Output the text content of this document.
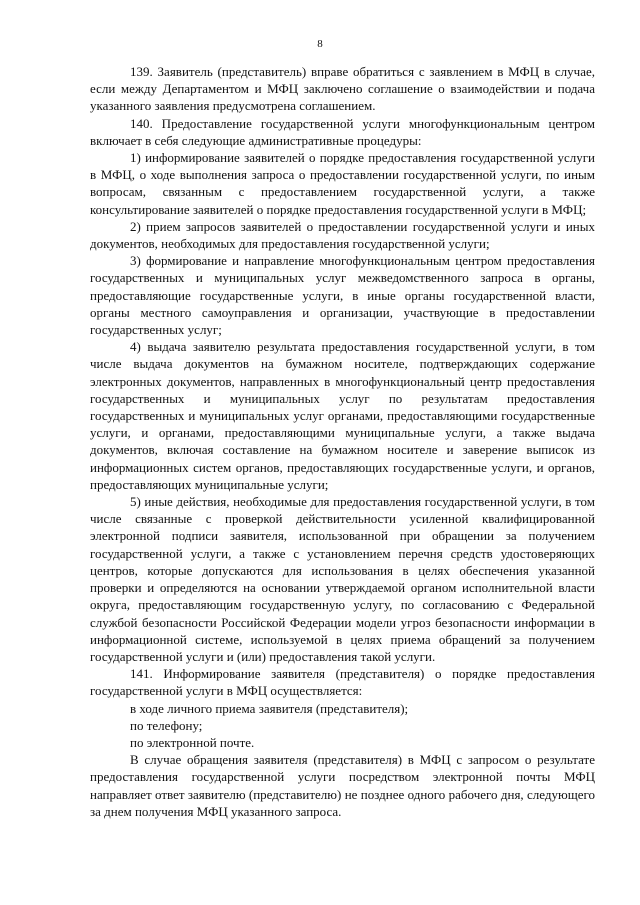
8

139. Заявитель (представитель) вправе обратиться с заявлением в МФЦ в случае, если между Департаментом и МФЦ заключено соглашение о взаимодействии и подача указанного заявления предусмотрена соглашением.

140. Предоставление государственной услуги многофункциональным центром включает в себя следующие административные процедуры:

1) информирование заявителей о порядке предоставления государственной услуги в МФЦ, о ходе выполнения запроса о предоставлении государственной услуги, по иным вопросам, связанным с предоставлением государственной услуги, а также консультирование заявителей о порядке предоставления государственной услуги в МФЦ;

2) прием запросов заявителей о предоставлении государственной услуги и иных документов, необходимых для предоставления государственной услуги;

3) формирование и направление многофункциональным центром предоставления государственных и муниципальных услуг межведомственного запроса в органы, предоставляющие государственные услуги, в иные органы государственной власти, органы местного самоуправления и организации, участвующие в предоставлении государственных услуг;

4) выдача заявителю результата предоставления государственной услуги, в том числе выдача документов на бумажном носителе, подтверждающих содержание электронных документов, направленных в многофункциональный центр предоставления государственных и муниципальных услуг по результатам предоставления государственных и муниципальных услуг органами, предоставляющими государственные услуги, и органами, предоставляющими муниципальные услуги, а также выдача документов, включая составление на бумажном носителе и заверение выписок из информационных систем органов, предоставляющих государственные услуги, и органов, предоставляющих муниципальные услуги;

5) иные действия, необходимые для предоставления государственной услуги, в том числе связанные с проверкой действительности усиленной квалифицированной электронной подписи заявителя, использованной при обращении за получением государственной услуги, а также с установлением перечня средств удостоверяющих центров, которые допускаются для использования в целях обеспечения указанной проверки и определяются на основании утверждаемой органом исполнительной власти округа, предоставляющим государственную услугу, по согласованию с Федеральной службой безопасности Российской Федерации модели угроз безопасности информации в информационной системе, используемой в целях приема обращений за получением государственной услуги и (или) предоставления такой услуги.

141. Информирование заявителя (представителя) о порядке предоставления государственной услуги в МФЦ осуществляется:

в ходе личного приема заявителя (представителя);

по телефону;

по электронной почте.

В случае обращения заявителя (представителя) в МФЦ с запросом о результате предоставления государственной услуги посредством электронной почты МФЦ направляет ответ заявителю (представителю) не позднее одного рабочего дня, следующего за днем получения МФЦ указанного запроса.
